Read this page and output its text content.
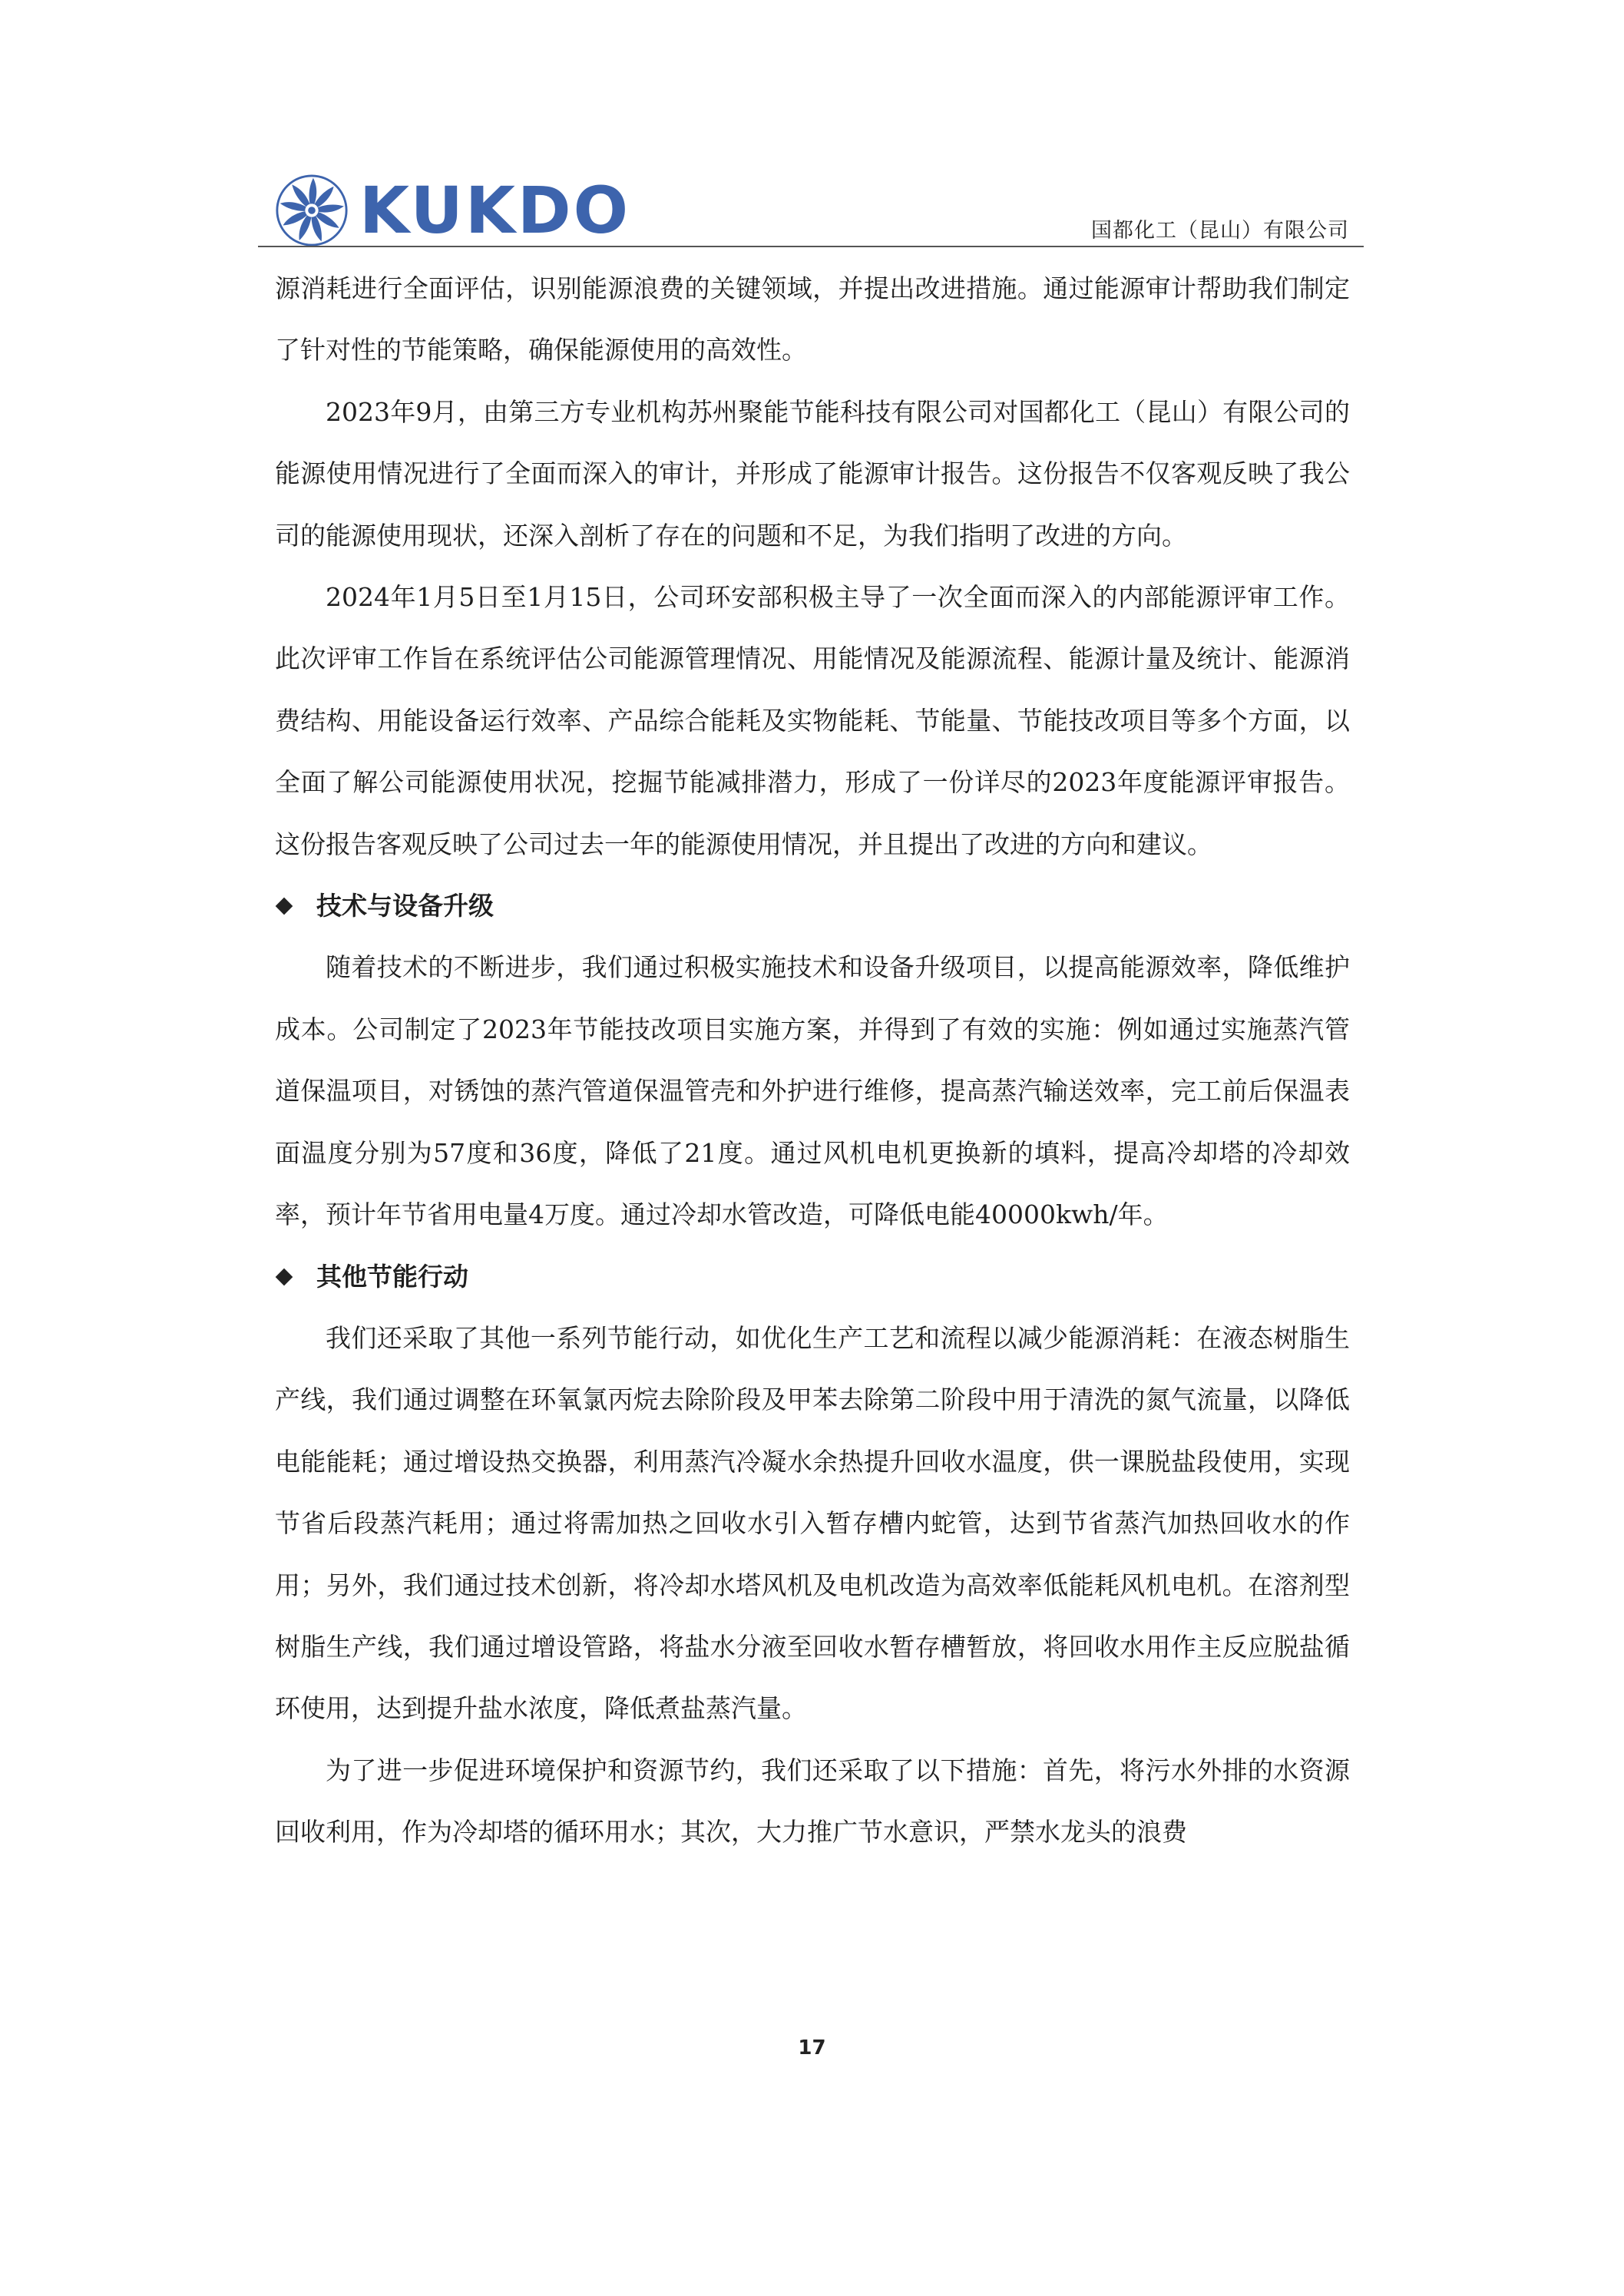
KUKDO	国都化工（昆山）有限公司

源消耗进行全面评估，识别能源浪费的关键领域，并提出改进措施。通过能源审计帮助我们制定了针对性的节能策略，确保能源使用的高效性。

2023年9月，由第三方专业机构苏州聚能节能科技有限公司对国都化工（昆山）有限公司的能源使用情况进行了全面而深入的审计，并形成了能源审计报告。这份报告不仅客观反映了我公司的能源使用现状，还深入剖析了存在的问题和不足，为我们指明了改进的方向。

2024年1月5日至1月15日，公司环安部积极主导了一次全面而深入的内部能源评审工作。此次评审工作旨在系统评估公司能源管理情况、用能情况及能源流程、能源计量及统计、能源消费结构、用能设备运行效率、产品综合能耗及实物能耗、节能量、节能技改项目等多个方面，以全面了解公司能源使用状况，挖掘节能减排潜力，形成了一份详尽的2023年度能源评审报告。这份报告客观反映了公司过去一年的能源使用情况，并且提出了改进的方向和建议。

技术与设备升级

随着技术的不断进步，我们通过积极实施技术和设备升级项目，以提高能源效率，降低维护成本。公司制定了2023年节能技改项目实施方案，并得到了有效的实施：例如通过实施蒸汽管道保温项目，对锈蚀的蒸汽管道保温管壳和外护进行维修，提高蒸汽输送效率，完工前后保温表面温度分别为57度和36度，降低了21度。通过风机电机更换新的填料，提高冷却塔的冷却效率，预计年节省用电量4万度。通过冷却水管改造，可降低电能40000kwh/年。

其他节能行动

我们还采取了其他一系列节能行动，如优化生产工艺和流程以减少能源消耗：在液态树脂生产线，我们通过调整在环氧氯丙烷去除阶段及甲苯去除第二阶段中用于清洗的氮气流量，以降低电能能耗；通过增设热交换器，利用蒸汽冷凝水余热提升回收水温度，供一课脱盐段使用，实现节省后段蒸汽耗用；通过将需加热之回收水引入暂存槽内蛇管，达到节省蒸汽加热回收水的作用；另外，我们通过技术创新，将冷却水塔风机及电机改造为高效率低能耗风机电机。在溶剂型树脂生产线，我们通过增设管路，将盐水分液至回收水暂存槽暂放，将回收水用作主反应脱盐循环使用，达到提升盐水浓度，降低煮盐蒸汽量。

为了进一步促进环境保护和资源节约，我们还采取了以下措施：首先，将污水外排的水资源回收利用，作为冷却塔的循环用水；其次，大力推广节水意识，严禁水龙头的浪费

17
